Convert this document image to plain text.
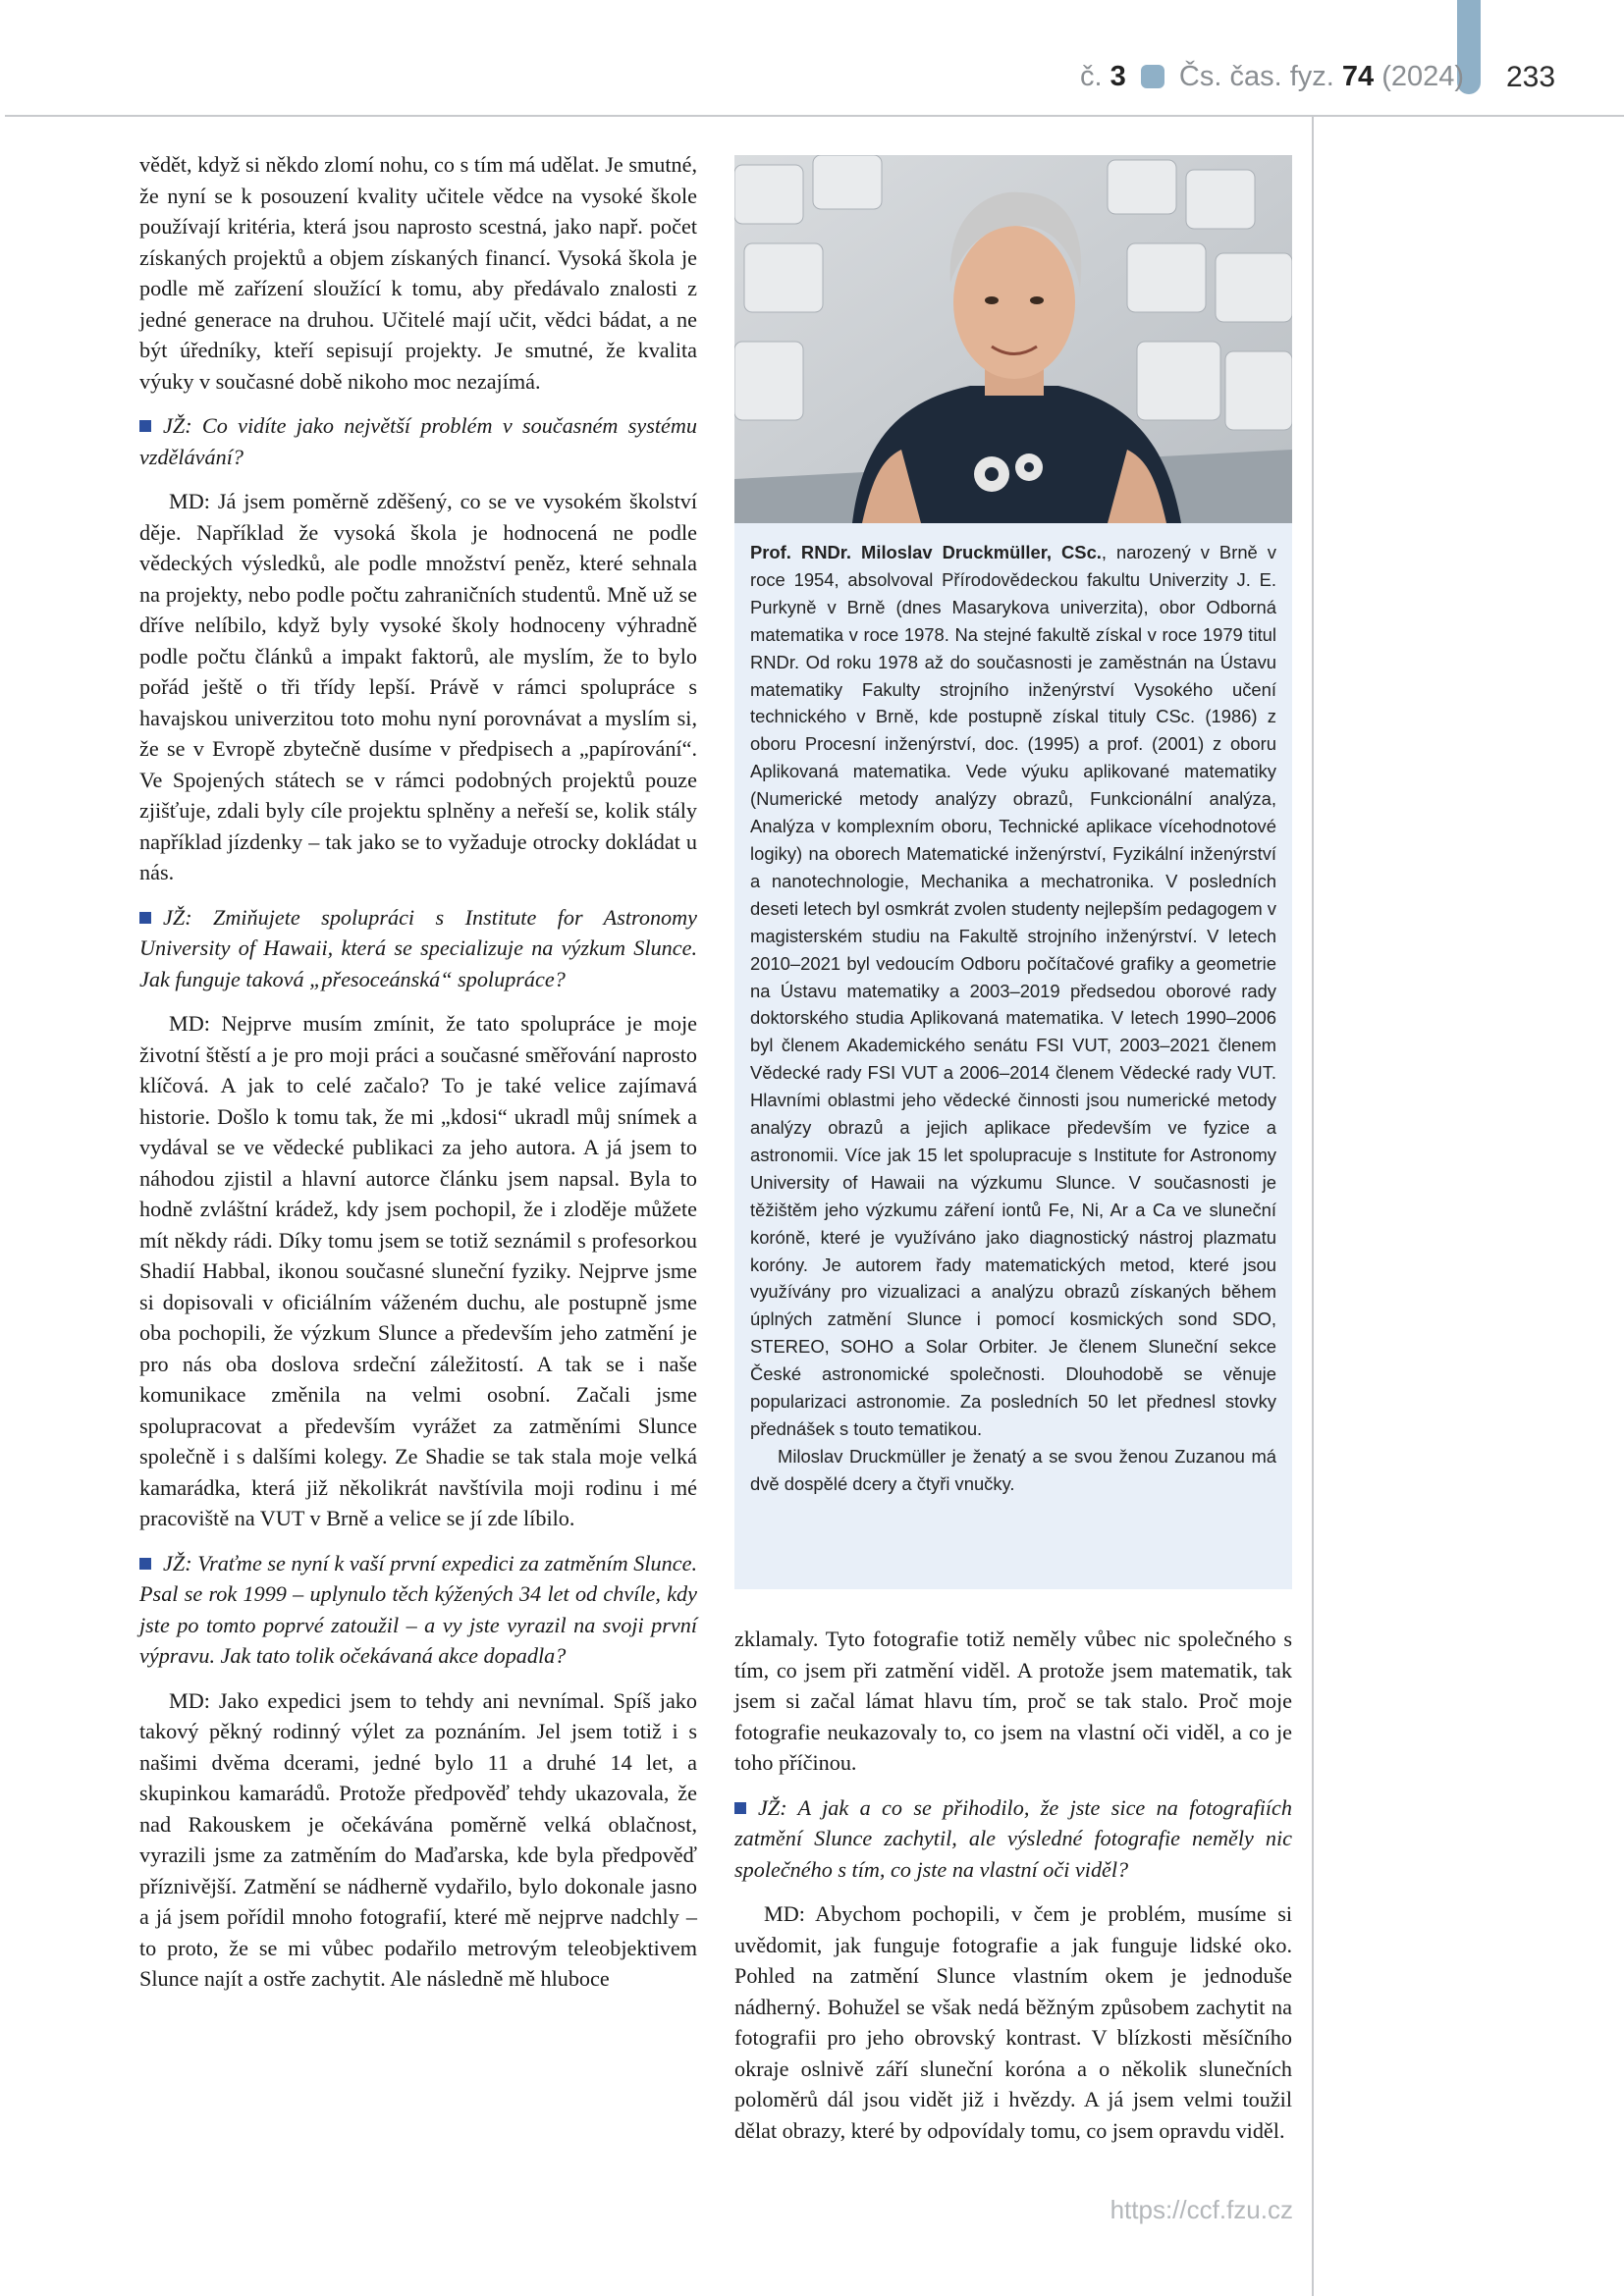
č. 3 Čs. čas. fyz. 74 (2024) 233

vědět, když si někdo zlomí nohu, co s tím má udělat. Je smutné, že nyní se k posouzení kvality učitele vědce na vysoké škole používají kritéria, která jsou naprosto scestná, jako např. počet získaných projektů a objem získaných financí. Vysoká škola je podle mě zařízení sloužící k tomu, aby předávalo znalosti z jedné generace na druhou. Učitelé mají učit, vědci bádat, a ne být úředníky, kteří sepisují projekty. Je smutné, že kvalita výuky v současné době nikoho moc nezajímá.

JŽ: Co vidíte jako největší problém v současném systému vzdělávání?

MD: Já jsem poměrně zděšený, co se ve vysokém školství děje. Například že vysoká škola je hodnocená ne podle vědeckých výsledků, ale podle množství peněz, které sehnala na projekty, nebo podle počtu zahraničních studentů. Mně už se dříve nelíbilo, když byly vysoké školy hodnoceny výhradně podle počtu článků a impakt faktorů, ale myslím, že to bylo pořád ještě o tři třídy lepší. Právě v rámci spolupráce s havajskou univerzitou toto mohu nyní porovnávat a myslím si, že se v Evropě zbytečně dusíme v předpisech a „papírování“. Ve Spojených státech se v rámci podobných projektů pouze zjišťuje, zdali byly cíle projektu splněny a neřeší se, kolik stály například jízdenky – tak jako se to vyžaduje otrocky dokládat u nás.

JŽ: Zmiňujete spolupráci s Institute for Astronomy University of Hawaii, která se specializuje na výzkum Slunce. Jak funguje taková „přesoceánská“ spolupráce?

MD: Nejprve musím zmínit, že tato spolupráce je moje životní štěstí a je pro moji práci a současné směřování naprosto klíčová. A jak to celé začalo? To je také velice zajímavá historie. Došlo k tomu tak, že mi „kdosi“ ukradl můj snímek a vydával se ve vědecké publikaci za jeho autora. A já jsem to náhodou zjistil a hlavní autorce článku jsem napsal. Byla to hodně zvláštní krádež, kdy jsem pochopil, že i zloděje můžete mít někdy rádi. Díky tomu jsem se totiž seznámil s profesorkou Shadií Habbal, ikonou současné sluneční fyziky. Nejprve jsme si dopisovali v oficiálním váženém duchu, ale postupně jsme oba pochopili, že výzkum Slunce a především jeho zatmění je pro nás oba doslova srdeční záležitostí. A tak se i naše komunikace změnila na velmi osobní. Začali jsme spolupracovat a především vyrážet za zatměními Slunce společně i s dalšími kolegy. Ze Shadie se tak stala moje velká kamarádka, která již několikrát navštívila moji rodinu i mé pracoviště na VUT v Brně a velice se jí zde líbilo.

JŽ: Vraťme se nyní k vaší první expedici za zatměním Slunce. Psal se rok 1999 – uplynulo těch kýžených 34 let od chvíle, kdy jste po tomto poprvé zatoužil – a vy jste vyrazil na svoji první výpravu. Jak tato tolik očekávaná akce dopadla?

MD: Jako expedici jsem to tehdy ani nevnímal. Spíš jako takový pěkný rodinný výlet za poznáním. Jel jsem totiž i s našimi dvěma dcerami, jedné bylo 11 a druhé 14 let, a skupinkou kamarádů. Protože předpověď tehdy ukazovala, že nad Rakouskem je očekávána poměrně velká oblačnost, vyrazili jsme za zatměním do Maďarska, kde byla předpověď příznivější. Zatmění se nádherně vydařilo, bylo dokonale jasno a já jsem pořídil mnoho fotografií, které mě nejprve nadchly – to proto, že se mi vůbec podařilo metrovým teleobjektivem Slunce najít a ostře zachytit. Ale následně mě hluboce

Prof. RNDr. Miloslav Druckmüller, CSc., narozený v Brně v roce 1954, absolvoval Přírodovědeckou fakultu Univerzity J. E. Purkyně v Brně (dnes Masarykova univerzita), obor Odborná matematika v roce 1978. Na stejné fakultě získal v roce 1979 titul RNDr. Od roku 1978 až do současnosti je zaměstnán na Ústavu matematiky Fakulty strojního inženýrství Vysokého učení technického v Brně, kde postupně získal tituly CSc. (1986) z oboru Procesní inženýrství, doc. (1995) a prof. (2001) z oboru Aplikovaná matematika. Vede výuku aplikované matematiky (Numerické metody analýzy obrazů, Funkcionální analýza, Analýza v komplexním oboru, Technické aplikace vícehodnotové logiky) na oborech Matematické inženýrství, Fyzikální inženýrství a nanotechnologie, Mechanika a mechatronika. V posledních deseti letech byl osmkrát zvolen studenty nejlepším pedagogem v magisterském studiu na Fakultě strojního inženýrství. V letech 2010–2021 byl vedoucím Odboru počítačové grafiky a geometrie na Ústavu matematiky a 2003–2019 předsedou oborové rady doktorského studia Aplikovaná matematika. V letech 1990–2006 byl členem Akademického senátu FSI VUT, 2003–2021 členem Vědecké rady FSI VUT a 2006–2014 členem Vědecké rady VUT. Hlavními oblastmi jeho vědecké činnosti jsou numerické metody analýzy obrazů a jejich aplikace především ve fyzice a astronomii. Více jak 15 let spolupracuje s Institute for Astronomy University of Hawaii na výzkumu Slunce. V současnosti je těžištěm jeho výzkumu záření iontů Fe, Ni, Ar a Ca ve sluneční koróně, které je využíváno jako diagnostický nástroj plazmatu koróny. Je autorem řady matematických metod, které jsou využívány pro vizualizaci a analýzu obrazů získaných během úplných zatmění Slunce i pomocí kosmických sond SDO, STEREO, SOHO a Solar Orbiter. Je členem Sluneční sekce České astronomické společnosti. Dlouhodobě se věnuje popularizaci astronomie. Za posledních 50 let přednesl stovky přednášek s touto tematikou.

Miloslav Druckmüller je ženatý a se svou ženou Zuzanou má dvě dospělé dcery a čtyři vnučky.

zklamaly. Tyto fotografie totiž neměly vůbec nic společného s tím, co jsem při zatmění viděl. A protože jsem matematik, tak jsem si začal lámat hlavu tím, proč se tak stalo. Proč moje fotografie neukazovaly to, co jsem na vlastní oči viděl, a co je toho příčinou.

JŽ: A jak a co se přihodilo, že jste sice na fotografiích zatmění Slunce zachytil, ale výsledné fotografie neměly nic společného s tím, co jste na vlastní oči viděl?

MD: Abychom pochopili, v čem je problém, musíme si uvědomit, jak funguje fotografie a jak funguje lidské oko. Pohled na zatmění Slunce vlastním okem je jednoduše nádherný. Bohužel se však nedá běžným způsobem zachytit na fotografii pro jeho obrovský kontrast. V blízkosti měsíčního okraje oslnivě září sluneční koróna a o několik slunečních poloměrů dál jsou vidět již i hvězdy. A já jsem velmi toužil dělat obrazy, které by odpovídaly tomu, co jsem opravdu viděl.

https://ccf.fzu.cz
